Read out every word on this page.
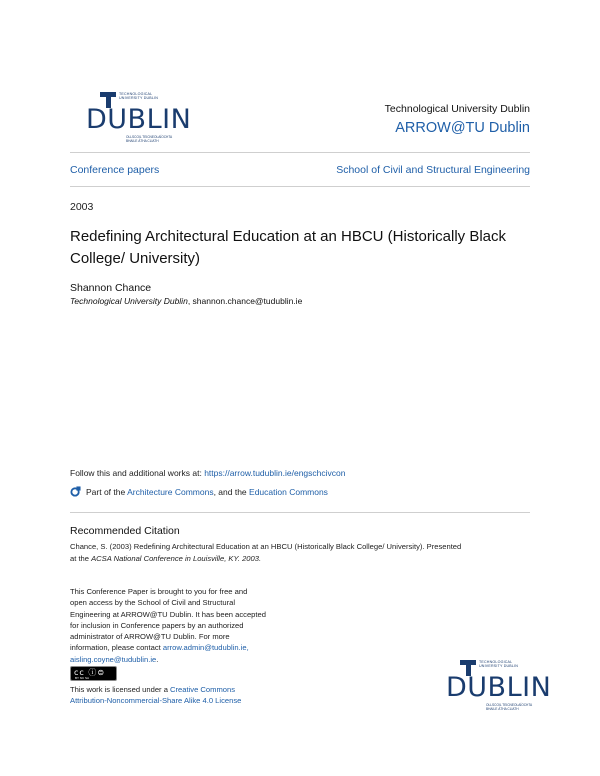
TECHNOLOGICAL
UNIVERSITY DUBLIN
DUBLIN
OLLSCOIL TEICNEOLAÍOCHTA
BHAILE ÁTHA CLIATH
Technological University Dublin
ARROW@TU Dublin
Conference papers	School of Civil and Structural Engineering
2003
Redefining Architectural Education at an HBCU (Historically Black
College/ University)
Shannon Chance
Technological University Dublin, shannon.chance@tudublin.ie
Follow this and additional works at: https://arrow.tudublin.ie/engschcivcon
Part of the Architecture Commons, and the Education Commons
Recommended Citation
Chance, S. (2003) Redefining Architectural Education at an HBCU (Historically Black College/ University). Presented
at the ACSA National Conference in Louisville, KY. 2003.
This Conference Paper is brought to you for free and
open access by the School of Civil and Structural
Engineering at ARROW@TU Dublin. It has been accepted
for inclusion in Conference papers by an authorized
administrator of ARROW@TU Dublin. For more
information, please contact arrow.admin@tudublin.ie,
aisling.coyne@tudublin.ie.
cc ⓘ⊜
BY NC SA
This work is licensed under a Creative Commons
Attribution-Noncommercial-Share Alike 4.0 License
TECHNOLOGICAL
UNIVERSITY DUBLIN
DUBLIN
OLLSCOIL TEICNEOLAÍOCHTA
BHAILE ÁTHA CLIATH
